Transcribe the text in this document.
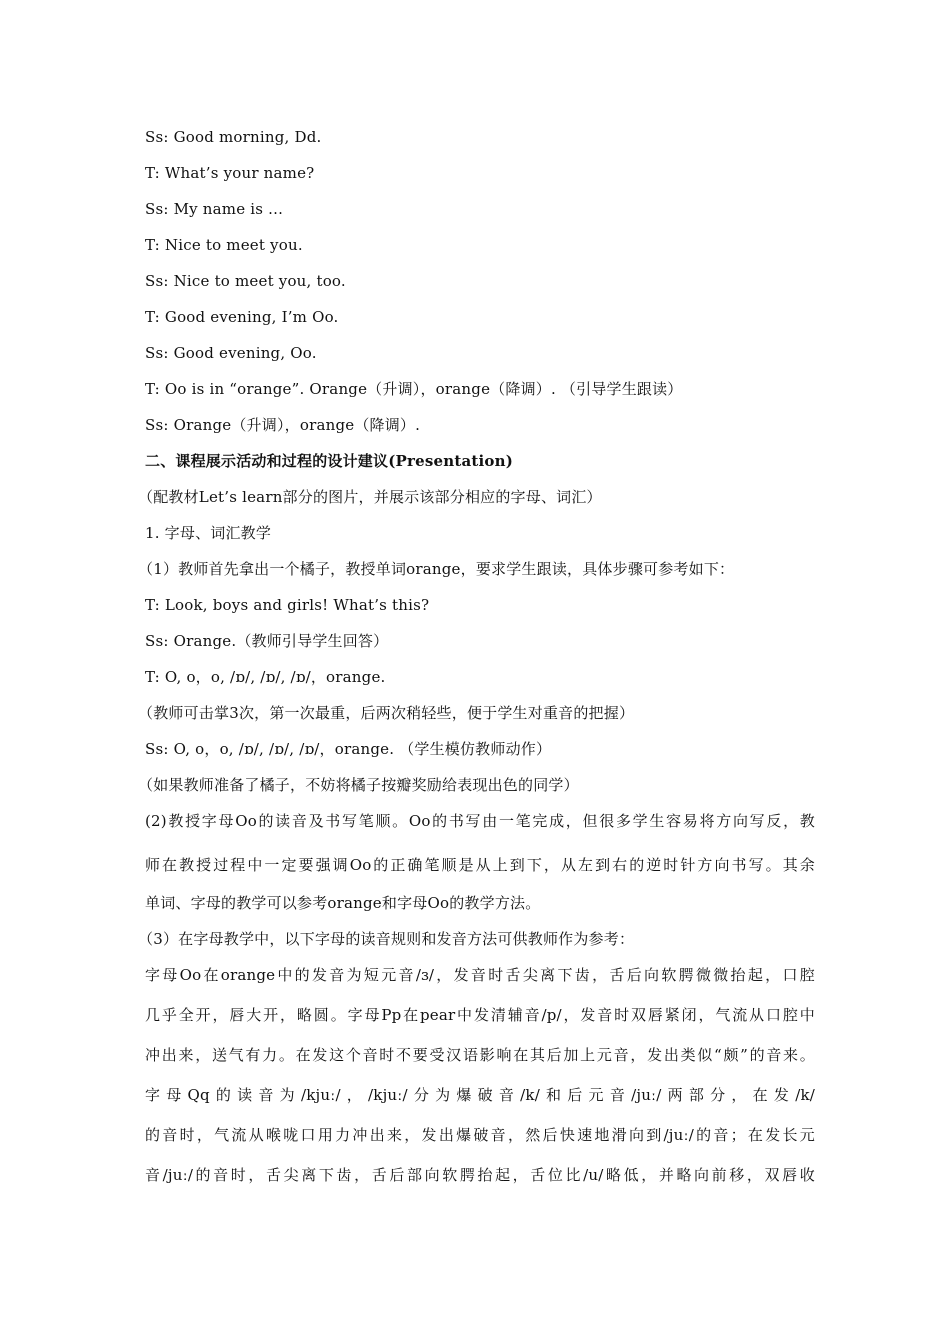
Ss: Good morning, Dd.
T: What’s your name?
Ss: My name is ...
T: Nice to meet you.
Ss: Nice to meet you, too.
T: Good evening, I’m Oo.
Ss: Good evening, Oo.
T: Oo is in “orange”. Orange（升调），orange（降调）. （引导学生跟读）
Ss: Orange（升调），orange（降调）.
二、课程展示活动和过程的设计建议(Presentation)
（配教材Let’s learn部分的图片，并展示该部分相应的字母、词汇）
1. 字母、词汇教学
（1）教师首先拿出一个橘子，教授单词orange，要求学生跟读，具体步骤可参考如下：
T: Look, boys and girls! What’s this?
Ss: Orange.（教师引导学生回答）
T: O, o，o, /ɒ/, /ɒ/, /ɒ/，orange.
（教师可击掌3次，第一次最重，后两次稍轻些，便于学生对重音的把握）
Ss: O, o，o, /ɒ/, /ɒ/, /ɒ/，orange. （学生模仿教师动作）
（如果教师准备了橘子，不妨将橘子按瓣奖励给表现出色的同学）
(2)教授字母Oo的读音及书写笔顺。Oo的书写由一笔完成，但很多学生容易将方向写反，教
师在教授过程中一定要强调Oo的正确笔顺是从上到下，从左到右的逆时针方向书写。其余
单词、字母的教学可以参考orange和字母Oo的教学方法。
（3）在字母教学中，以下字母的读音规则和发音方法可供教师作为参考：
字母Oo在orange中的发音为短元音/ɜ/，发音时舌尖离下齿，舌后向软腭微微抬起，口腔
几乎全开，唇大开，略圆。字母Pp在pear中发清辅音/p/，发音时双唇紧闭，气流从口腔中
冲出来，送气有力。在发这个音时不要受汉语影响在其后加上元音，发出类似“颇”的音来。
字母Qq的读音为/kjuː/，/kjuː/分为爆破音/k/和后元音/juː/两部分，在发/k/
的音时，气流从喉咙口用力冲出来，发出爆破音，然后快速地滑向到/juː/的音；在发长元
音/juː/的音时，舌尖离下齿，舌后部向软腭抬起，舌位比/u/略低，并略向前移，双唇收
